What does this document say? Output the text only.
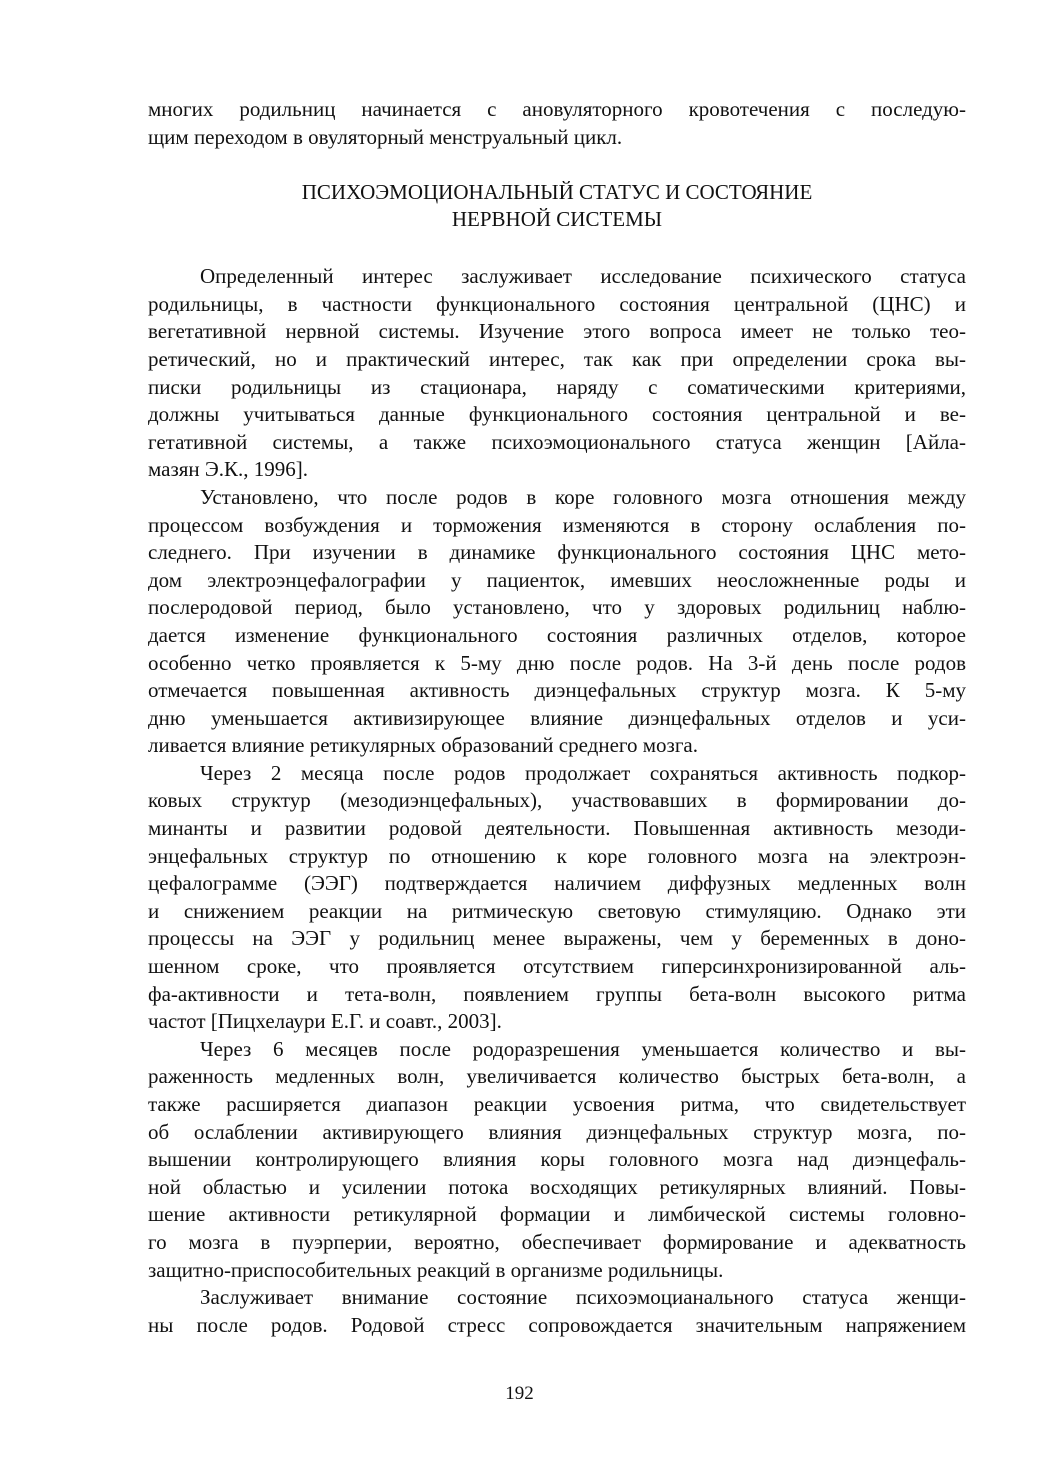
многих родильниц начинается с ановуляторного кровотечения с последую-
щим переходом в овуляторный менструальный цикл.

ПСИХОЭМОЦИОНАЛЬНЫЙ СТАТУС И СОСТОЯНИЕ
НЕРВНОЙ СИСТЕМЫ

Определенный интерес заслуживает исследование психического статуса
родильницы, в частности функционального состояния центральной (ЦНС) и
вегетативной нервной системы. Изучение этого вопроса имеет не только тео-
ретический, но и практический интерес, так как при определении срока вы-
писки родильницы из стационара, наряду с соматическими критериями,
должны учитываться данные функционального состояния центральной и ве-
гетативной системы, а также психоэмоционального статуса женщин [Айла-
мазян Э.К., 1996].

Установлено, что после родов в коре головного мозга отношения между
процессом возбуждения и торможения изменяются в сторону ослабления по-
следнего. При изучении в динамике функционального состояния ЦНС мето-
дом электроэнцефалографии у пациенток, имевших неосложненные роды и
послеродовой период, было установлено, что у здоровых родильниц наблю-
дается изменение функционального состояния различных отделов, которое
особенно четко проявляется к 5-му дню после родов. На 3-й день после родов
отмечается повышенная активность диэнцефальных структур мозга. К 5-му
дню уменьшается активизирующее влияние диэнцефальных отделов и уси-
ливается влияние ретикулярных образований среднего мозга.

Через 2 месяца после родов продолжает сохраняться активность подкор-
ковых структур (мезодиэнцефальных), участвовавших в формировании до-
минанты и развитии родовой деятельности. Повышенная активность мезоди-
энцефальных структур по отношению к коре головного мозга на электроэн-
цефалограмме (ЭЭГ) подтверждается наличием диффузных медленных волн
и снижением реакции на ритмическую световую стимуляцию. Однако эти
процессы на ЭЭГ у родильниц менее выражены, чем у беременных в доно-
шенном сроке, что проявляется отсутствием гиперсинхронизированной аль-
фа-активности и тета-волн, появлением группы бета-волн высокого ритма
частот [Пицхелаури Е.Г. и соавт., 2003].

Через 6 месяцев после родоразрешения уменьшается количество и вы-
раженность медленных волн, увеличивается количество быстрых бета-волн, а
также расширяется диапазон реакции усвоения ритма, что свидетельствует
об ослаблении активирующего влияния диэнцефальных структур мозга, по-
вышении контролирующего влияния коры головного мозга над диэнцефаль-
ной областью и усилении потока восходящих ретикулярных влияний. Повы-
шение активности ретикулярной формации и лимбической системы головно-
го мозга в пуэрперии, вероятно, обеспечивает формирование и адекватность
защитно-приспособительных реакций в организме родильницы.

Заслуживает внимание состояние психоэмоцианального статуса женщи-
ны после родов. Родовой стресс сопровождается значительным напряжением

192
